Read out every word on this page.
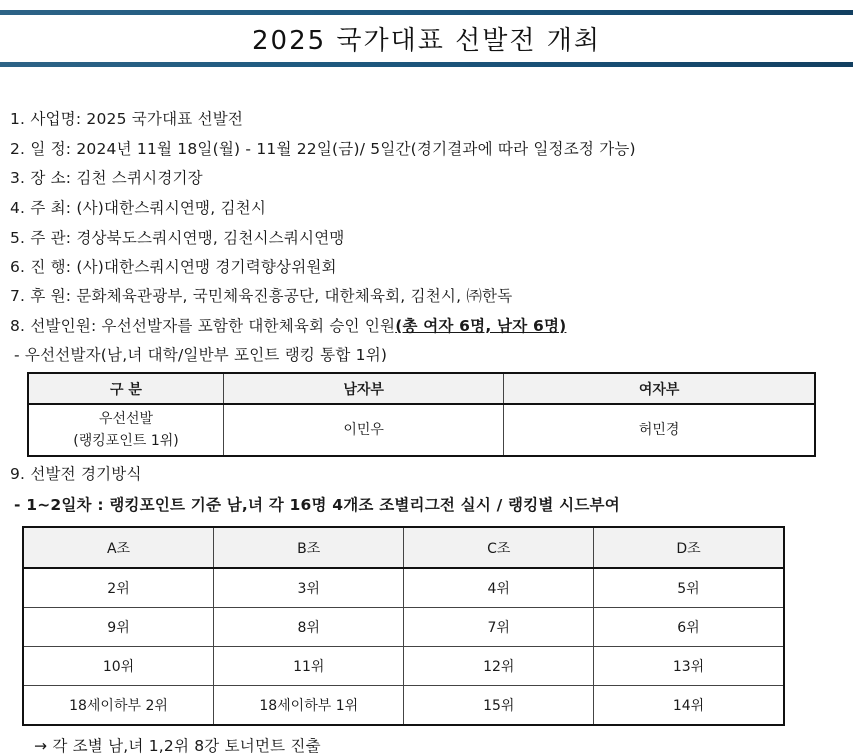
2025 국가대표 선발전 개최
1. 사업명: 2025 국가대표 선발전
2. 일 정: 2024년 11월 18일(월) - 11월 22일(금)/ 5일간(경기결과에 따라 일정조정 가능)
3. 장 소: 김천 스퀴시경기장
4. 주 최: (사)대한스쿼시연맹, 김천시
5. 주 관: 경상북도스쿼시연맹, 김천시스쿼시연맹
6. 진 행: (사)대한스쿼시연맹 경기력향상위원회
7. 후 원: 문화체육관광부, 국민체육진흥공단, 대한체육회, 김천시, ㈜한독
8. 선발인원: 우선선발자를 포함한 대한체육회 승인 인원(총 여자 6명, 남자 6명)
- 우선선발자(남,녀 대학/일반부 포인트 랭킹 통합 1위)
구 분	남자부	여자부

우선선발
(랭킹포인트 1위)	이민우	허민경
9. 선발전 경기방식
- 1~2일차 : 랭킹포인트 기준 남,녀 각 16명 4개조 조별리그전 실시 / 랭킹별 시드부여
A조	B조	C조	D조
2위	3위	4위	5위
9위	8위	7위	6위
10위	11위	12위	13위
18세이하부 2위	18세이하부 1위	15위	14위
→ 각 조별 남,녀 1,2위 8강 토너먼트 진출
